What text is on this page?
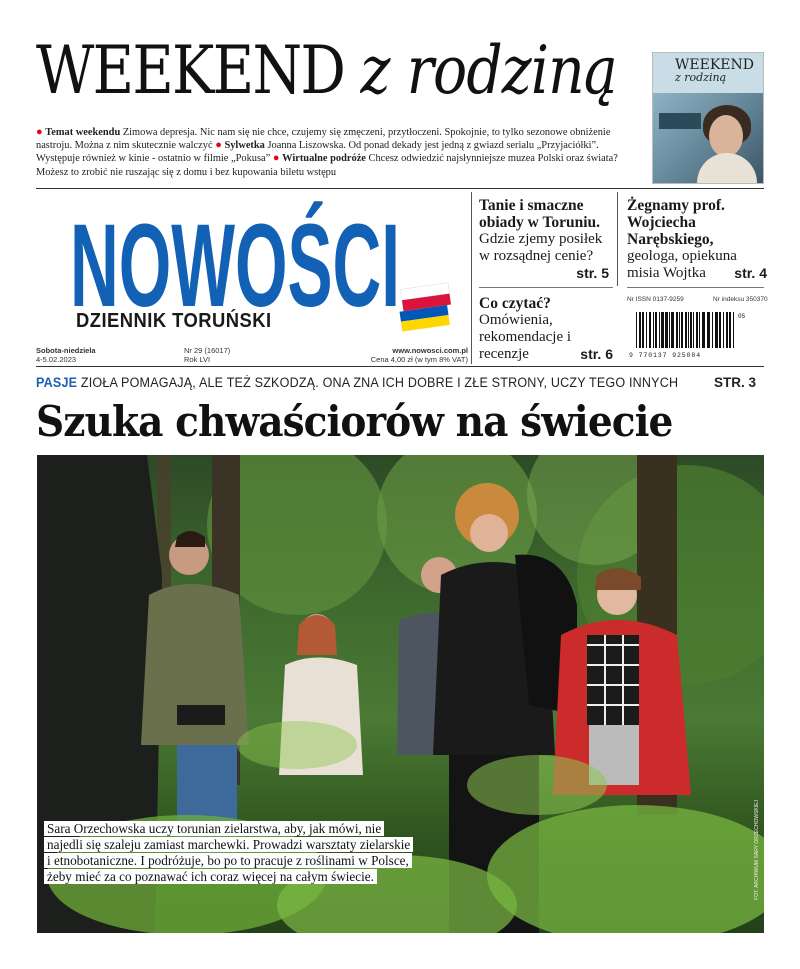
WEEKEND z rodziną
● Temat weekendu Zimowa depresja. Nic nam się nie chce, czujemy się zmęczeni, przytłoczeni. Spokojnie, to tylko sezonowe obniżenie nastroju. Można z nim skutecznie walczyć ● Sylwetka Joanna Liszowska. Od ponad dekady jest jedną z gwiazd serialu „Przyjaciółki”. Występuje również w kinie - ostatnio w filmie „Pokusa” ● Wirtualne podróże Chcesz odwiedzić najsłynniejsze muzea Polski oraz świata? Możesz to zrobić nie ruszając się z domu i bez kupowania biletu wstępu
WEEKEND
z rodziną
NOWOŚCI
DZIENNIK TORUŃSKI
Sobota-niedziela
4-5.02.2023
Nr 29 (16017)
Rok LVI
www.nowosci.com.pl
Cena 4,00 zł (w tym 8% VAT)
Tanie i smaczne obiady w Toruniu.
Gdzie zjemy posiłek w rozsądnej cenie?
str. 5
Żegnamy prof. Wojciecha Narębskiego,
geologa, opiekuna misia Wojtka str. 4
Co czytać?
Omówienia, rekomendacje i recenzje	str. 6
Nr ISSN 0137-9259	Nr indeksu 350370
9 770137 925084
05
PASJE ZIOŁA POMAGAJĄ, ALE TEŻ SZKODZĄ. ONA ZNA ICH DOBRE I ZŁE STRONY, UCZY TEGO INNYCH	STR. 3
Szuka chwaściorów na świecie
Sara Orzechowska uczy torunian zielarstwa, aby, jak mówi, nie najedli się szaleju zamiast marchewki. Prowadzi warsztaty zielarskie i etnobotaniczne. I podróżuje, bo po to pracuje z roślinami w Polsce, żeby mieć za co poznawać ich coraz więcej na całym świecie.	FOT. ARCHIWUM SARY ORZECHOWSKIEJ
